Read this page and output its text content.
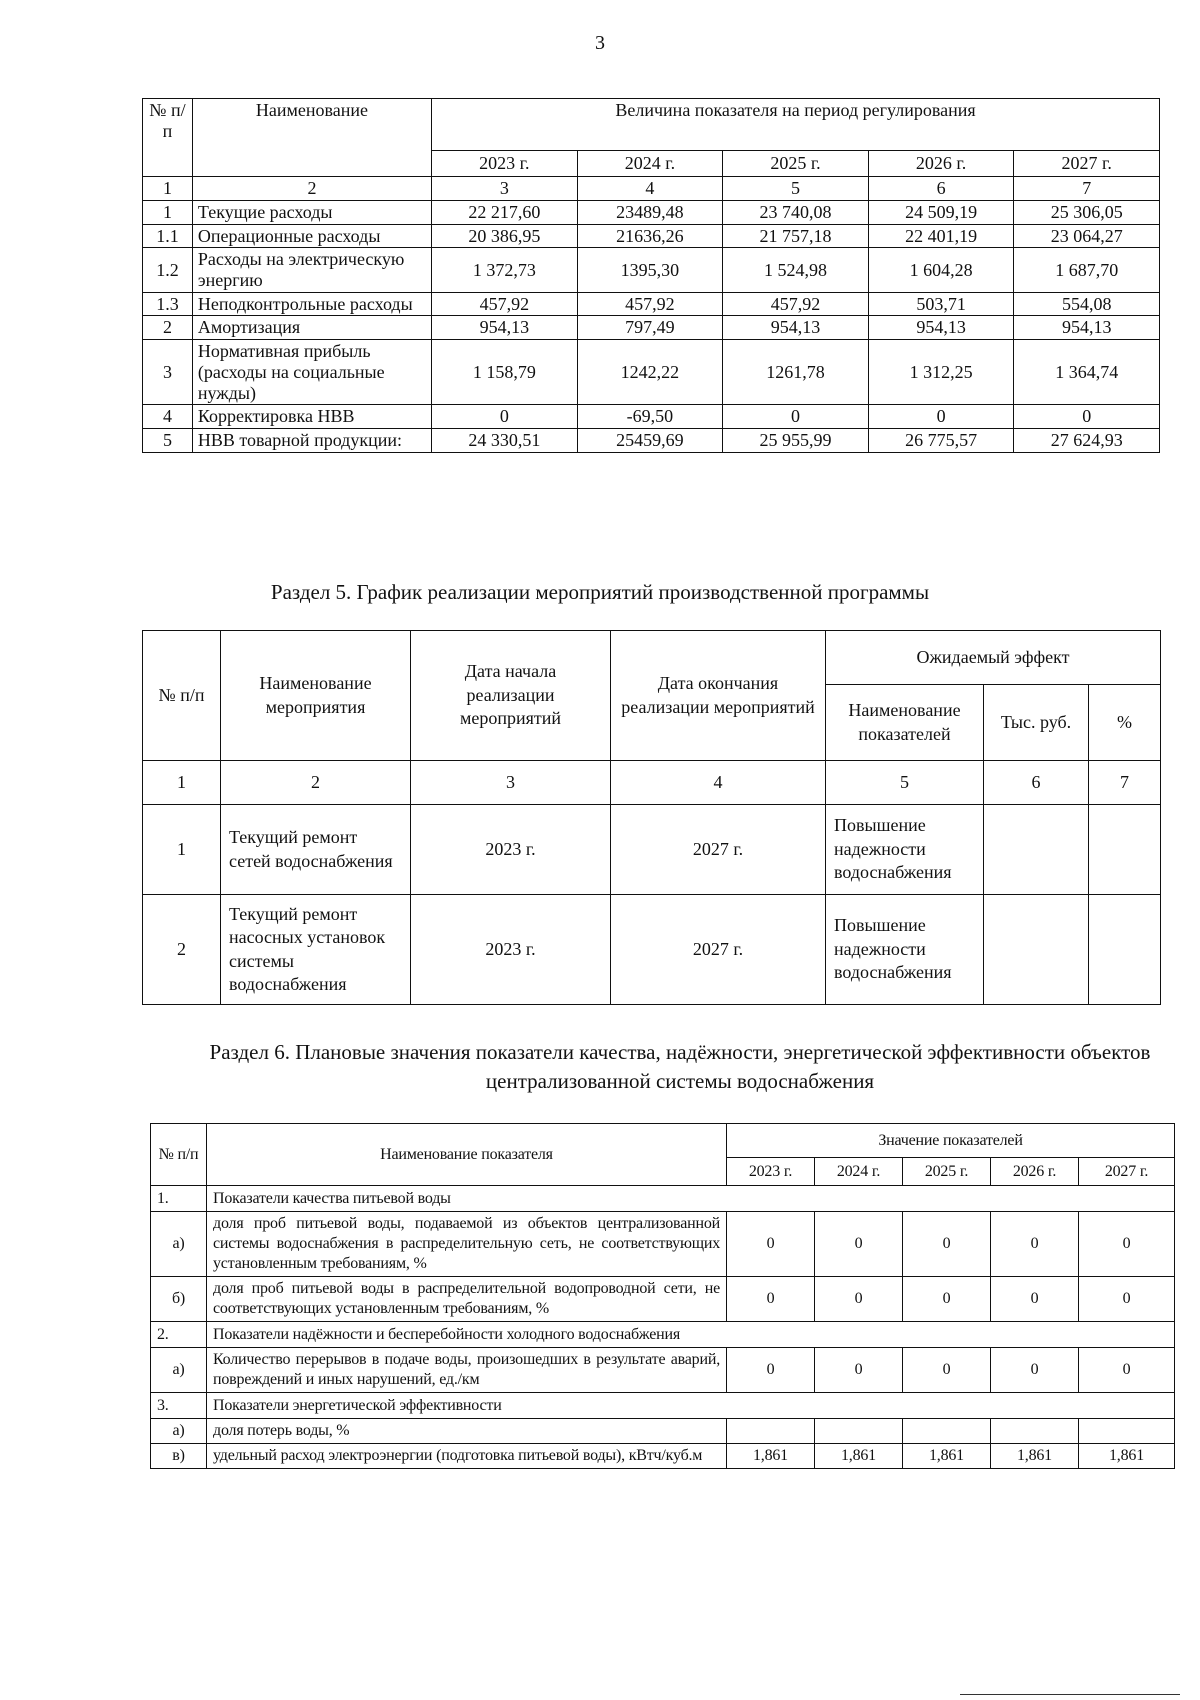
3
№ п/п	Наименование	Величина показателя на период регулирования				
		2023 г.	2024 г.	2025 г.	2026 г.	2027 г.
1	2	3	4	5	6	7
1	Текущие расходы	22 217,60	23489,48	23 740,08	24 509,19	25 306,05
1.1	Операционные расходы	20 386,95	21636,26	21 757,18	22 401,19	23 064,27
1.2	Расходы на электрическую энергию	1 372,73	1395,30	1 524,98	1 604,28	1 687,70
1.3	Неподконтрольные расходы	457,92	457,92	457,92	503,71	554,08
2	Амортизация	954,13	797,49	954,13	954,13	954,13
3	Нормативная прибыль (расходы на социальные нужды)	1 158,79	1242,22	1261,78	1 312,25	1 364,74
4	Корректировка НВВ	0	-69,50	0	0	0
5	НВВ товарной продукции:	24 330,51	25459,69	25 955,99	26 775,57	27 624,93
Раздел 5. График реализации мероприятий производственной программы
№ п/п	Наименование мероприятия	Дата начала реализации мероприятий	Дата окончания реализации мероприятий	Ожидаемый эффект		
				Наименование показателей	Тыс. руб.	%
1	2	3	4	5	6	7
1	Текущий ремонт сетей водоснабжения	2023 г.	2027 г.	Повышение надежности водоснабжения		
2	Текущий ремонт насосных установок системы водоснабжения	2023 г.	2027 г.	Повышение надежности водоснабжения		
Раздел 6. Плановые значения показатели качества, надёжности, энергетической эффективности объектов централизованной системы водоснабжения
№ п/п	Наименование показателя	Значение показателей				
		2023 г.	2024 г.	2025 г.	2026 г.	2027 г.
1.	Показатели качества питьевой воды					
а)	доля проб питьевой воды, подаваемой из объектов централизованной системы водоснабжения в распределительную сеть, не соответствующих установленным требованиям, %	0	0	0	0	0
б)	доля проб питьевой воды в распределительной водопроводной сети, не соответствующих установленным требованиям, %	0	0	0	0	0
2.	Показатели надёжности и бесперебойности холодного водоснабжения					
а)	Количество перерывов в подаче воды, произошедших в результате аварий, повреждений и иных нарушений, ед./км	0	0	0	0	0
3.	Показатели энергетической эффективности					
а)	доля потерь воды, %					
в)	удельный расход электроэнергии (подготовка питьевой воды), кВтч/куб.м	1,861	1,861	1,861	1,861	1,861
